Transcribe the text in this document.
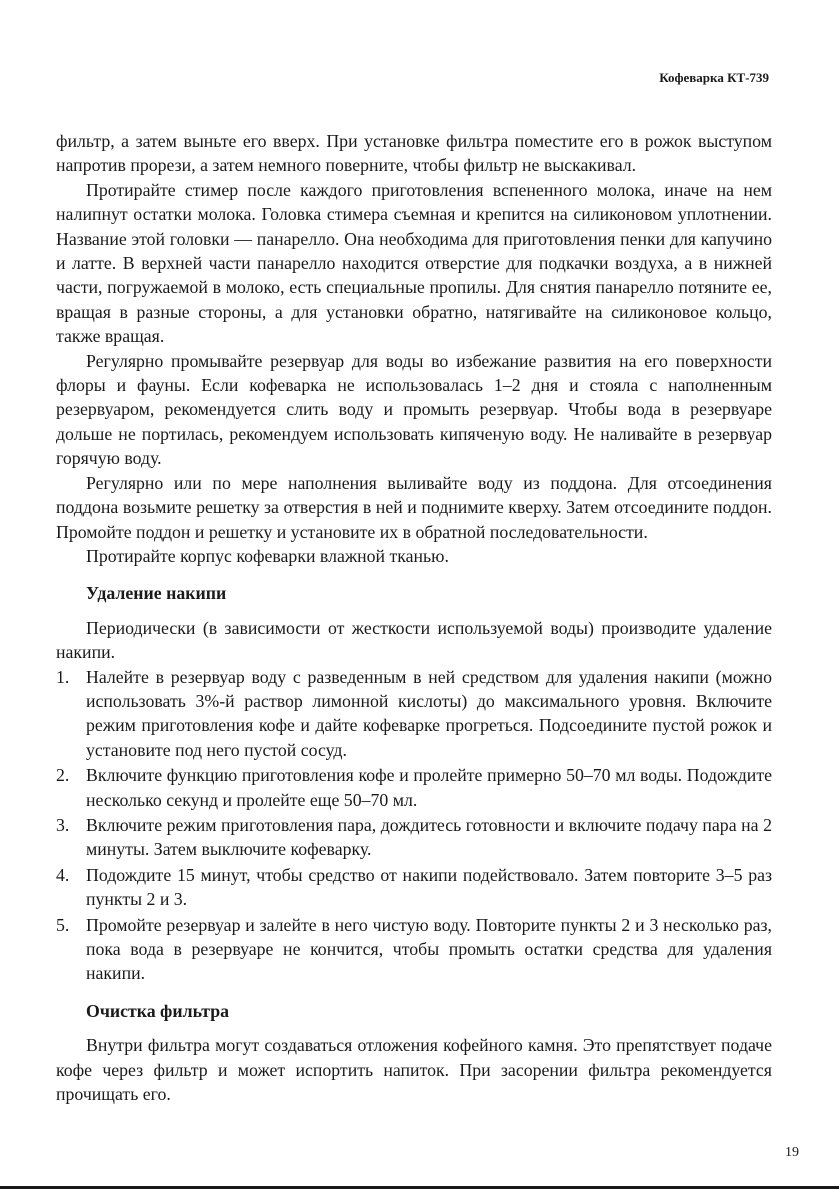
Кофеварка КТ-739

фильтр, а затем выньте его вверх. При установке фильтра поместите его в рожок выступом напротив прорези, а затем немного поверните, чтобы фильтр не выскакивал.

Протирайте стимер после каждого приготовления вспененного молока, иначе на нем налипнут остатки молока. Головка стимера съемная и крепится на силиконовом уплотнении. Название этой головки — панарелло. Она необходима для приготовления пенки для капучино и латте. В верхней части панарелло находится отверстие для подкачки воздуха, а в нижней части, погружаемой в молоко, есть специальные пропилы. Для снятия панарелло потяните ее, вращая в разные стороны, а для установки обратно, натягивайте на силиконовое кольцо, также вращая.

Регулярно промывайте резервуар для воды во избежание развития на его поверхности флоры и фауны. Если кофеварка не использовалась 1–2 дня и стояла с наполненным резервуаром, рекомендуется слить воду и промыть резервуар. Чтобы вода в резервуаре дольше не портилась, рекомендуем использовать кипяченую воду. Не наливайте в резервуар горячую воду.

Регулярно или по мере наполнения выливайте воду из поддона. Для отсоединения поддона возьмите решетку за отверстия в ней и поднимите кверху. Затем отсоедините поддон. Промойте поддон и решетку и установите их в обратной последовательности.

Протирайте корпус кофеварки влажной тканью.

Удаление накипи

Периодически (в зависимости от жесткости используемой воды) производите удаление накипи.

1. Налейте в резервуар воду с разведенным в ней средством для удаления накипи (можно использовать 3%-й раствор лимонной кислоты) до максимального уровня. Включите режим приготовления кофе и дайте кофеварке прогреться. Подсоедините пустой рожок и установите под него пустой сосуд.
2. Включите функцию приготовления кофе и пролейте примерно 50–70 мл воды. Подождите несколько секунд и пролейте еще 50–70 мл.
3. Включите режим приготовления пара, дождитесь готовности и включите подачу пара на 2 минуты. Затем выключите кофеварку.
4. Подождите 15 минут, чтобы средство от накипи подействовало. Затем повторите 3–5 раз пункты 2 и 3.
5. Промойте резервуар и залейте в него чистую воду. Повторите пункты 2 и 3 несколько раз, пока вода в резервуаре не кончится, чтобы промыть остатки средства для удаления накипи.
Очистка фильтра

Внутри фильтра могут создаваться отложения кофейного камня. Это препятствует подаче кофе через фильтр и может испортить напиток. При засорении фильтра рекомендуется прочищать его.

19
